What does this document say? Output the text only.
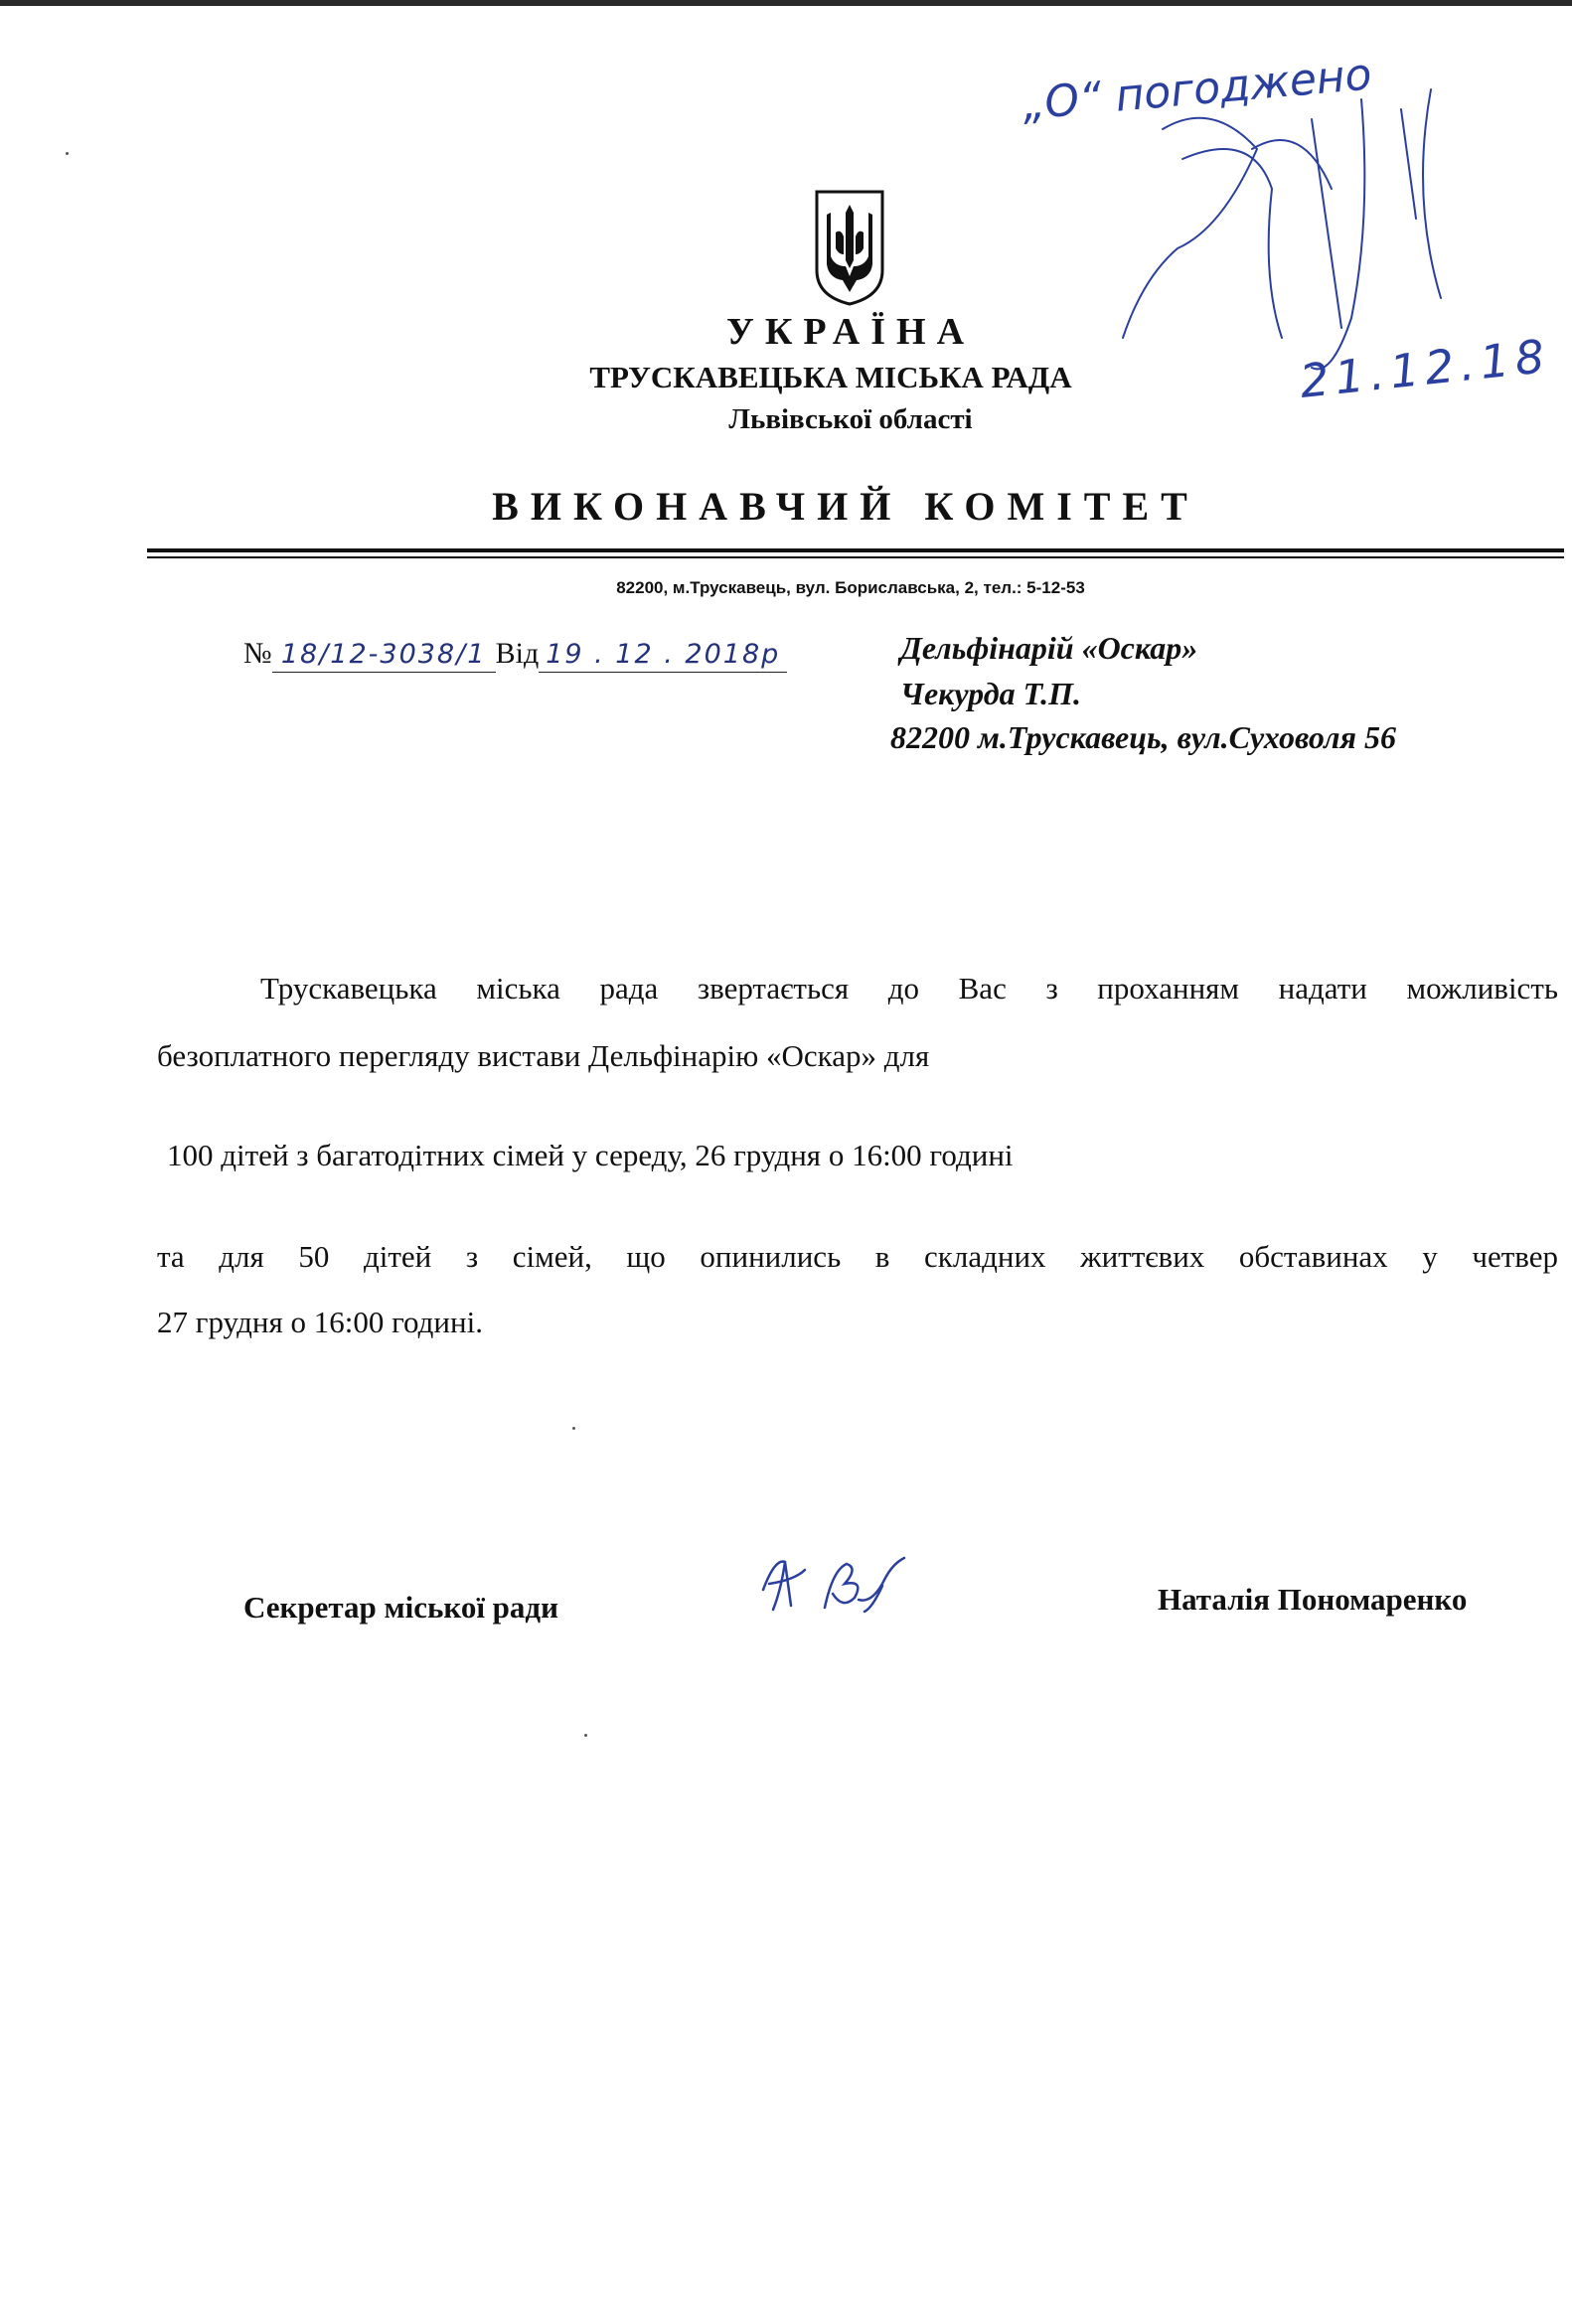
УКРАЇНА
ТРУСКАВЕЦЬКА МІСЬКА РАДА
Львівської області
ВИКОНАВЧИЙ КОМІТЕТ
82200, м.Трускавець, вул. Бориславська, 2, тел.: 5-12-53
№ 18/12-3038/1 Від 19 . 12 . 2018р	Дельфінарій «Оскар»
Чекурда Т.П.
82200 м.Трускавець, вул.Суховоля 56
Трускавецька міська рада звертається до Вас з проханням надати можливість
безоплатного перегляду вистави Дельфінарію «Оскар» для
100 дітей з багатодітних сімей у середу, 26 грудня о 16:00 годині
та для 50 дітей з сімей, що опинились в складних життєвих обставинах у четвер
27 грудня о 16:00 годині.
Секретар міської ради	Наталія Пономаренко
„О“ погоджено
21.12.18
